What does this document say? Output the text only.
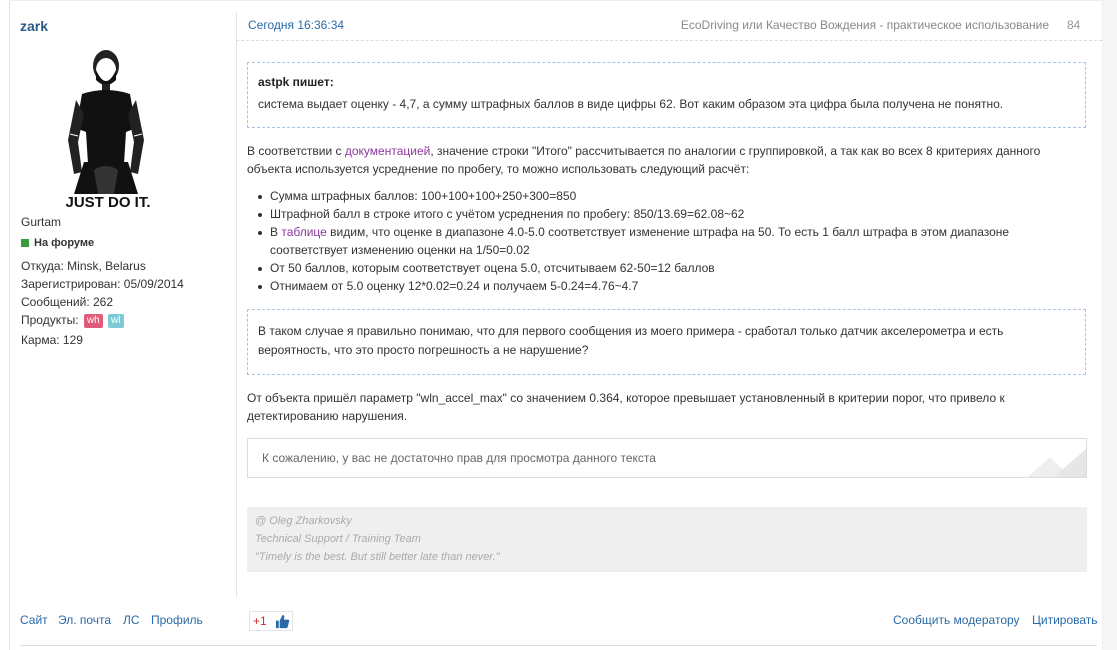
zark
JUST DO IT.
Gurtam
На форуме
Откуда: Minsk, Belarus
Зарегистрирован: 05/09/2014
Сообщений: 262
Продукты: wh wl
Карма: 129
Сайт Эл. почта ЛС Профиль
Сегодня 16:36:34	EcoDriving или Качество Вождения - практическое использование 84
astpk пишет:
система выдает оценку - 4,7, а сумму штрафных баллов в виде цифры 62. Вот каким образом эта цифра была получена не понятно.
В соответствии с документацией, значение строки "Итого" рассчитывается по аналогии с группировкой, а так как во всех 8 критериях данного объекта используется усреднение по пробегу, то можно использовать следующий расчёт:
Сумма штрафных баллов: 100+100+100+250+300=850
Штрафной балл в строке итого с учётом усреднения по пробегу: 850/13.69=62.08~62
В таблице видим, что оценке в диапазоне 4.0-5.0 соответствует изменение штрафа на 50. То есть 1 балл штрафа в этом диапазоне соответствует изменению оценки на 1/50=0.02
От 50 баллов, которым соответствует оцена 5.0, отсчитываем 62-50=12 баллов
Отнимаем от 5.0 оценку 12*0.02=0.24 и получаем 5-0.24=4.76~4.7
В таком случае я правильно понимаю, что для первого сообщения из моего примера - сработал только датчик акселерометра и есть вероятность, что это просто погрешность а не нарушение?
От объекта пришёл параметр "wln_accel_max" со значением 0.364, которое превышает установленный в критерии порог, что привело к детектированию нарушения.
К сожалению, у вас не достаточно прав для просмотра данного текста
@ Oleg Zharkovsky
Technical Support / Training Team
"Timely is the best. But still better late than never."
+1	Сообщить модератору Цитировать
